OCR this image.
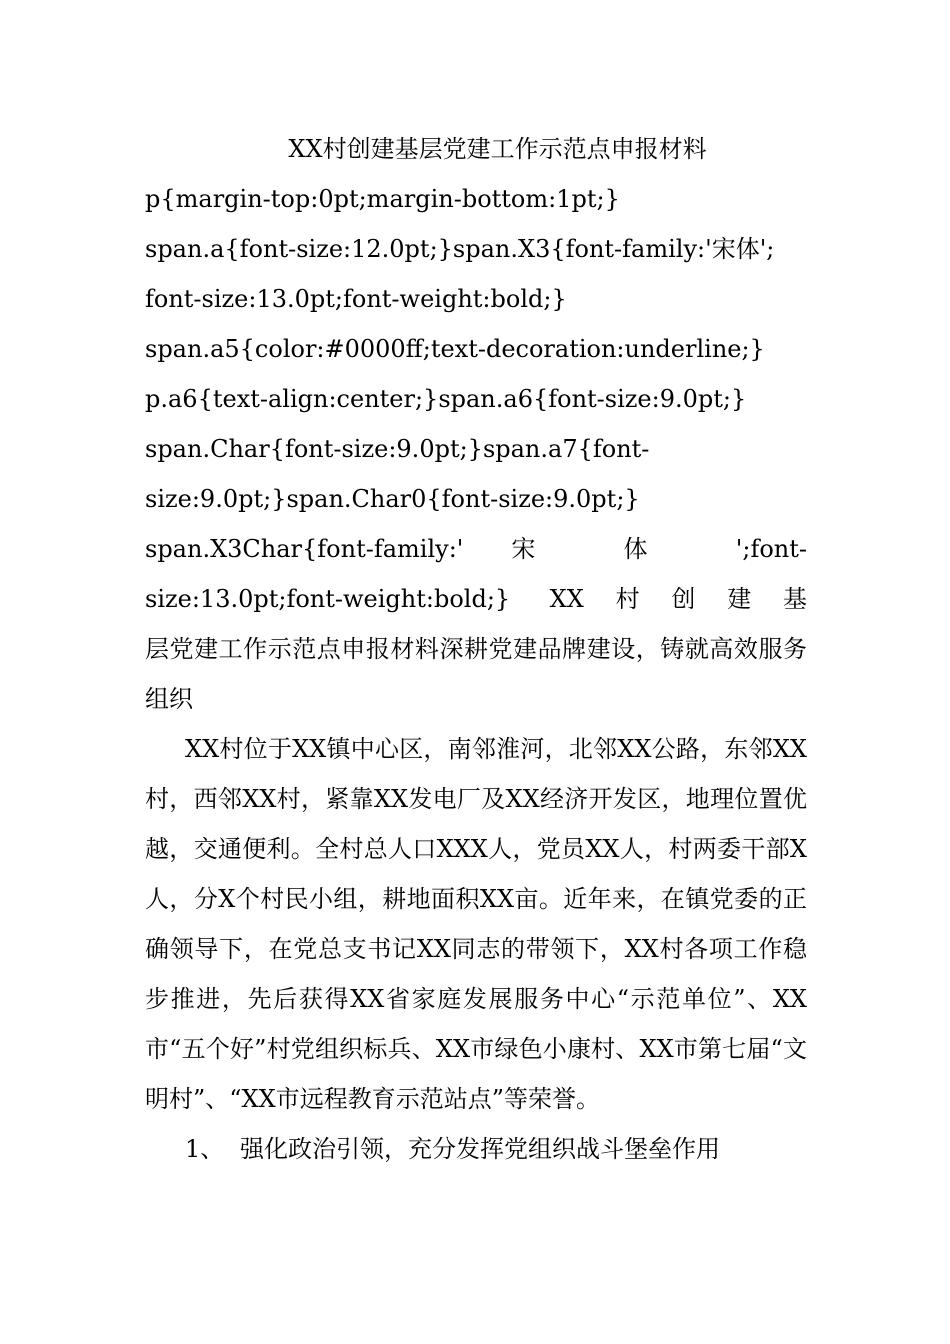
XX村创建基层党建工作示范点申报材料

p{margin-top:0pt;margin-bottom:1pt;}

span.a{font-size:12.0pt;}span.X3{font-family:'宋体';

font-size:13.0pt;font-weight:bold;}

span.a5{color:#0000ff;text-decoration:underline;}

p.a6{text-align:center;}span.a6{font-size:9.0pt;}

span.Char{font-size:9.0pt;}span.a7{font-

size:9.0pt;}span.Char0{font-size:9.0pt;}

span.X3Char{font-family:' 宋 体 ';font-

size:13.0pt;font-weight:bold;} XX村创建基

层党建工作示范点申报材料深耕党建品牌建设，铸就高效服务组织

XX村位于XX镇中心区，南邻淮河，北邻XX公路，东邻XX村，西邻XX村，紧靠XX发电厂及XX经济开发区，地理位置优越，交通便利。全村总人口XXX人，党员XX人，村两委干部X人，分X个村民小组，耕地面积XX亩。近年来，在镇党委的正确领导下，在党总支书记XX同志的带领下，XX村各项工作稳步推进，先后获得XX省家庭发展服务中心“示范单位”、XX市“五个好”村党组织标兵、XX市绿色小康村、XX市第七届“文明村”、“XX市远程教育示范站点”等荣誉。

1、 强化政治引领，充分发挥党组织战斗堡垒作用
